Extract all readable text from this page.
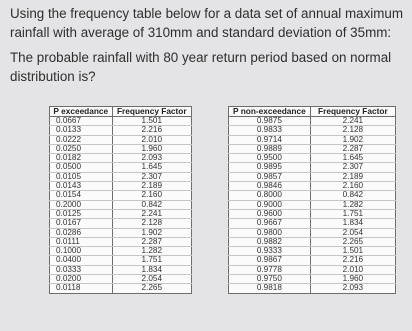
Using the frequency table below for a data set of annual maximum rainfall with average of 310mm and standard deviation of 35mm:

The probable rainfall with 80 year return period based on normal distribution is?

P exceedance	Frequency Factor
0.0667	1.501
0.0133	2.216
0.0222	2.010
0.0250	1.960
0.0182	2.093
0.0500	1.645
0.0105	2.307
0.0143	2.189
0.0154	2.160
0.2000	0.842
0.0125	2.241
0.0167	2.128
0.0286	1.902
0.0111	2.287
0.1000	1.282
0.0400	1.751
0.0333	1.834
0.0200	2.054
0.0118	2.265
P non-exceedance	Frequency Factor
0.9875	2.241
0.9833	2.128
0.9714	1.902
0.9889	2.287
0.9500	1.645
0.9895	2.307
0.9857	2.189
0.9846	2.160
0.8000	0.842
0.9000	1.282
0.9600	1.751
0.9667	1.834
0.9800	2.054
0.9882	2.265
0.9333	1.501
0.9867	2.216
0.9778	2.010
0.9750	1.960
0.9818	2.093
